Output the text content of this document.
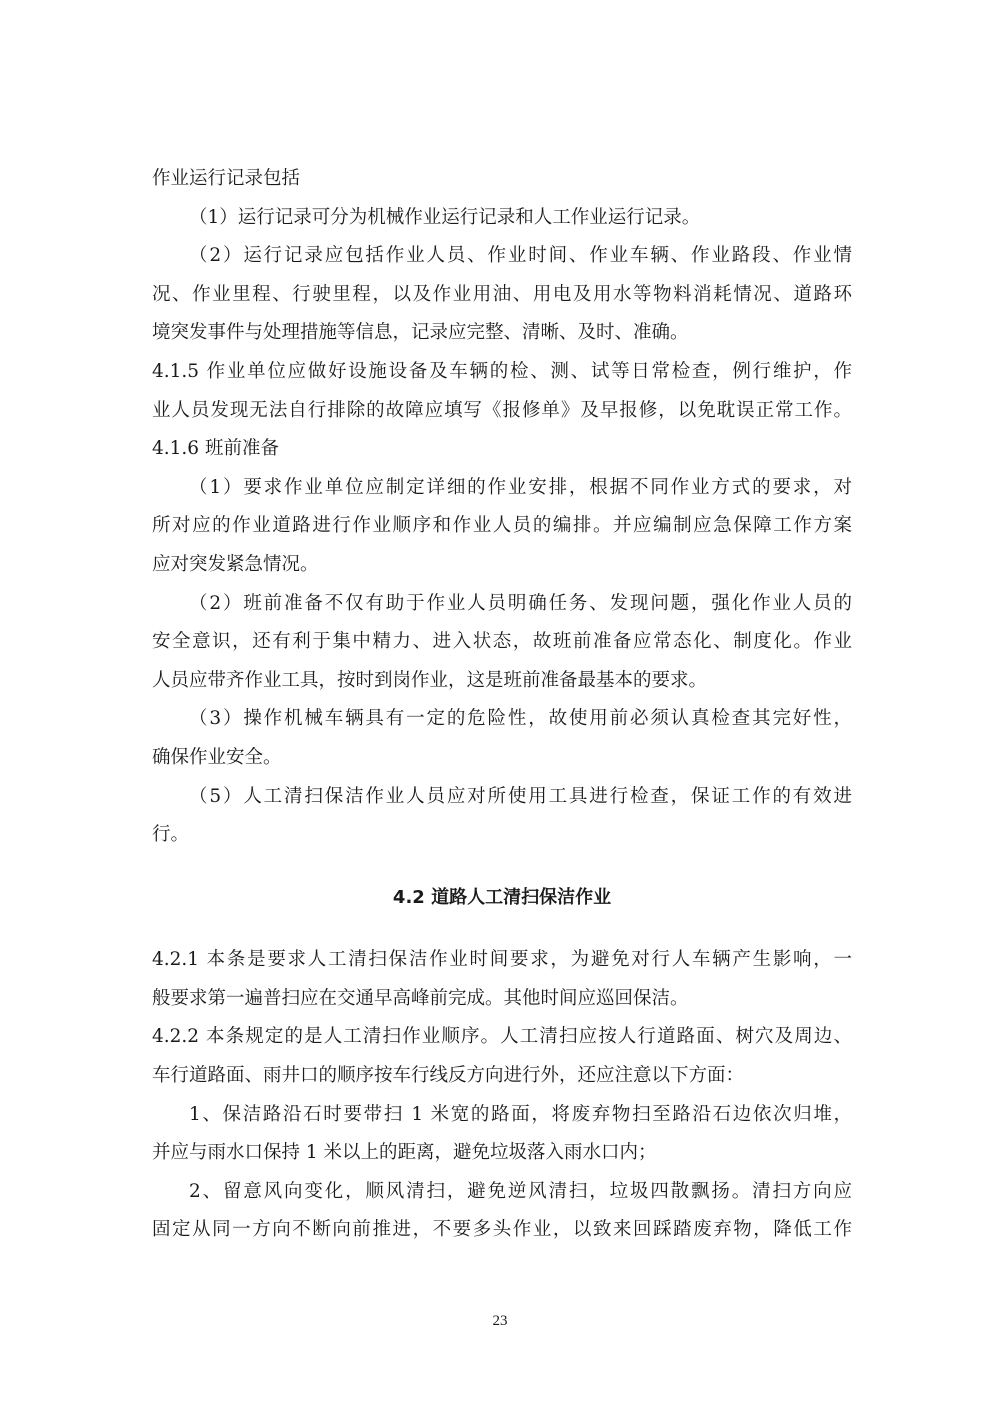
作业运行记录包括
（1）运行记录可分为机械作业运行记录和人工作业运行记录。
（2）运行记录应包括作业人员、作业时间、作业车辆、作业路段、作业情
况、作业里程、行驶里程，以及作业用油、用电及用水等物料消耗情况、道路环
境突发事件与处理措施等信息，记录应完整、清晰、及时、准确。
4.1.5 作业单位应做好设施设备及车辆的检、测、试等日常检查，例行维护，作
业人员发现无法自行排除的故障应填写《报修单》及早报修，以免耽误正常工作。
4.1.6 班前准备
（1）要求作业单位应制定详细的作业安排，根据不同作业方式的要求，对
所对应的作业道路进行作业顺序和作业人员的编排。并应编制应急保障工作方案
应对突发紧急情况。
（2）班前准备不仅有助于作业人员明确任务、发现问题，强化作业人员的
安全意识，还有利于集中精力、进入状态，故班前准备应常态化、制度化。作业
人员应带齐作业工具，按时到岗作业，这是班前准备最基本的要求。
（3）操作机械车辆具有一定的危险性，故使用前必须认真检查其完好性，
确保作业安全。
（5）人工清扫保洁作业人员应对所使用工具进行检查，保证工作的有效进
行。
4.2 道路人工清扫保洁作业
4.2.1 本条是要求人工清扫保洁作业时间要求，为避免对行人车辆产生影响，一
般要求第一遍普扫应在交通早高峰前完成。其他时间应巡回保洁。
4.2.2 本条规定的是人工清扫作业顺序。人工清扫应按人行道路面、树穴及周边、
车行道路面、雨井口的顺序按车行线反方向进行外，还应注意以下方面：
1、保洁路沿石时要带扫 1 米宽的路面，将废弃物扫至路沿石边依次归堆，
并应与雨水口保持 1 米以上的距离，避免垃圾落入雨水口内；
2、留意风向变化，顺风清扫，避免逆风清扫，垃圾四散飘扬。清扫方向应
固定从同一方向不断向前推进，不要多头作业，以致来回踩踏废弃物，降低工作
23
